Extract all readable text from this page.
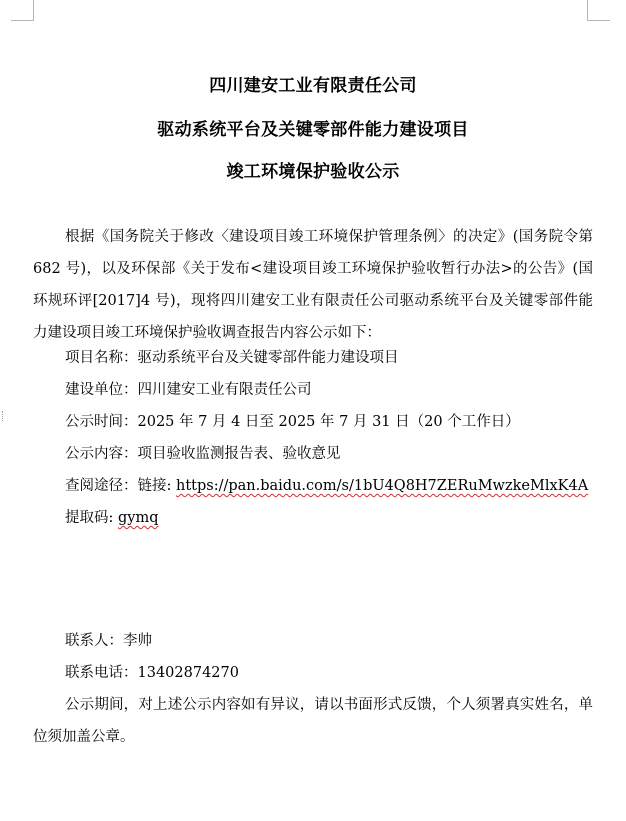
四川建安工业有限责任公司
驱动系统平台及关键零部件能力建设项目
竣工环境保护验收公示

根据《国务院关于修改〈建设项目竣工环境保护管理条例〉的决定》(国务院令第 682 号)，以及环保部《关于发布<建设项目竣工环境保护验收暂行办法>的公告》(国环规环评[2017]4 号)，现将四川建安工业有限责任公司驱动系统平台及关键零部件能力建设项目竣工环境保护验收调查报告内容公示如下：

项目名称：驱动系统平台及关键零部件能力建设项目

建设单位：四川建安工业有限责任公司

公示时间：2025 年 7 月 4 日至 2025 年 7 月 31 日（20 个工作日）

公示内容：项目验收监测报告表、验收意见

查阅途径：链接: https://pan.baidu.com/s/1bU4Q8H7ZERuMwzkeMlxK4A

提取码: gymq

联系人：李帅

联系电话：13402874270

公示期间，对上述公示内容如有异议，请以书面形式反馈，个人须署真实姓名，单位须加盖公章。
